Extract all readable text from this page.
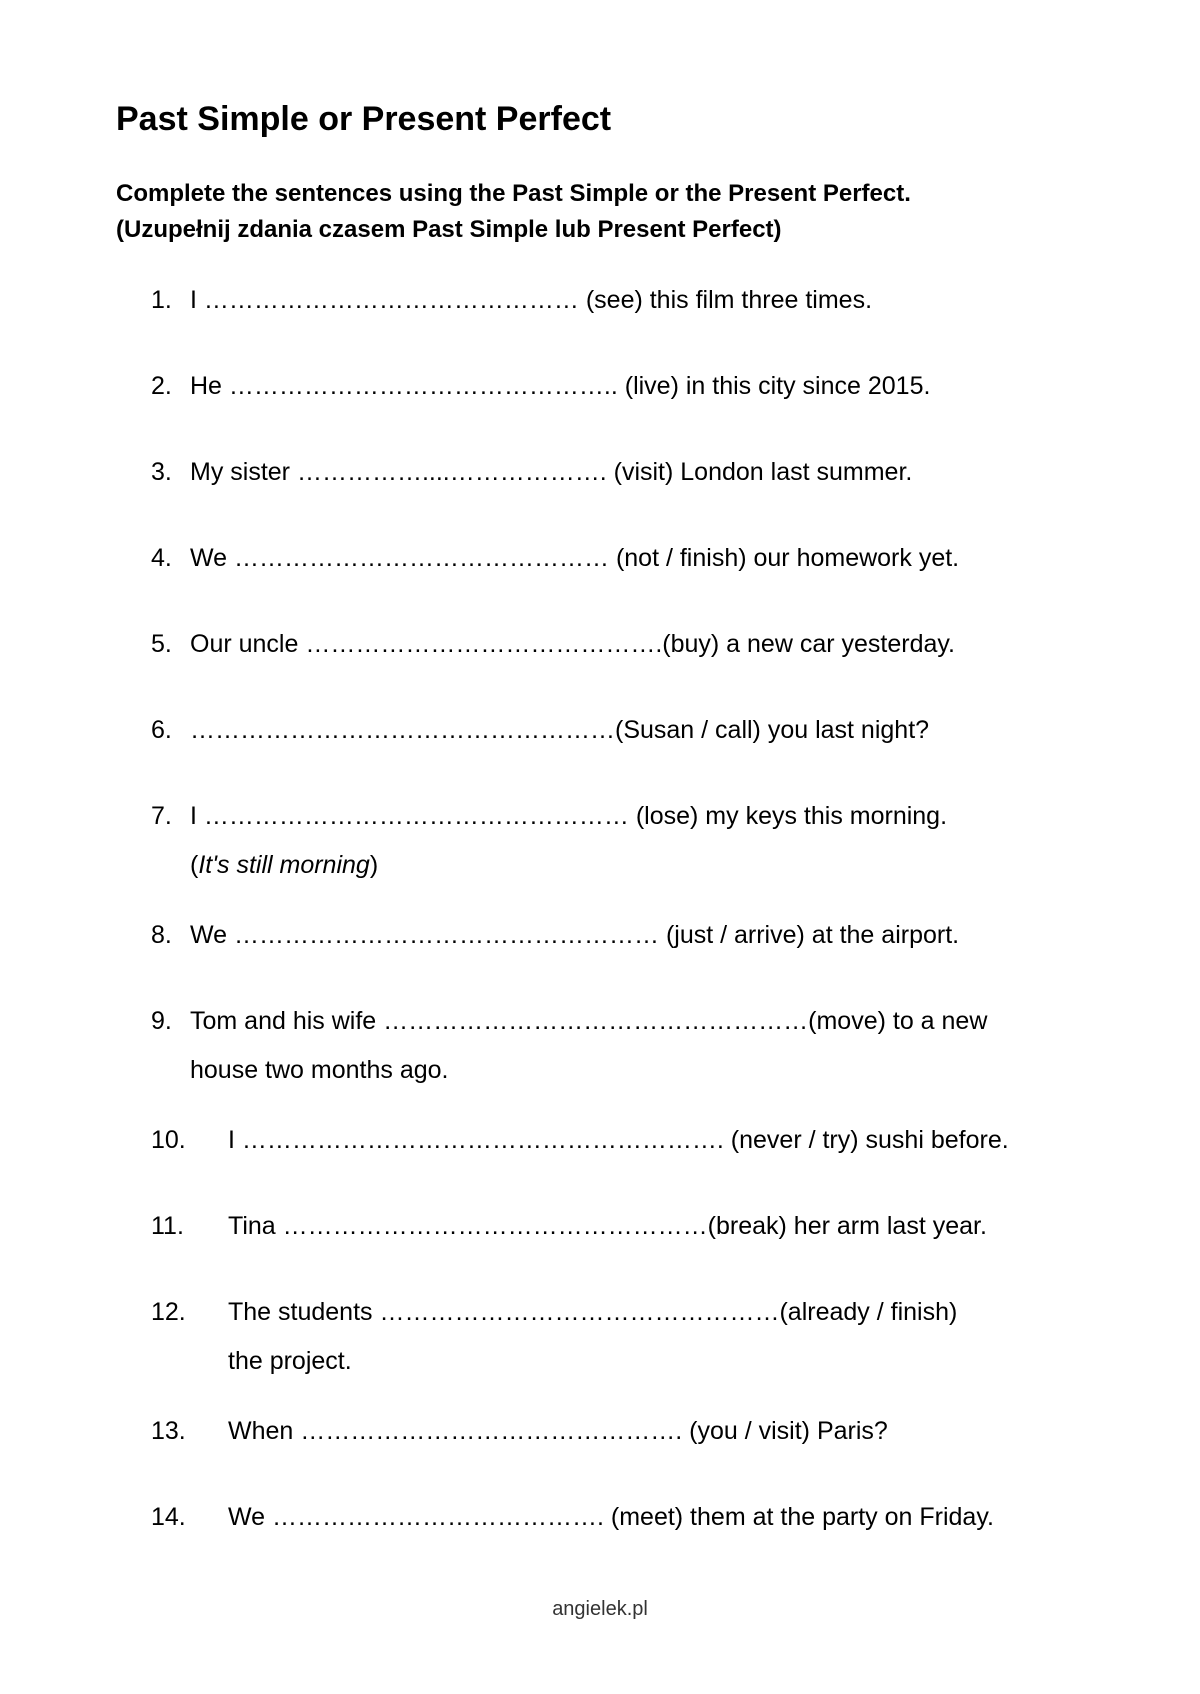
Past Simple or Present Perfect
Complete the sentences using the Past Simple or the Present Perfect.
(Uzupełnij zdania czasem Past Simple lub Present Perfect)
1. I ……………………………………… (see) this film three times.
2. He ……………………………………….. (live) in this city since 2015.
3. My sister ……………....………………. (visit) London last summer.
4. We ……………………………………… (not / finish) our homework yet.
5. Our uncle …………………………………….(buy) a new car yesterday.
6. ……………………………………………(Susan / call) you last night?
7. I …………………………………………… (lose) my keys this morning.
(It's still morning)
8. We …………………………………………… (just / arrive) at the airport.
9. Tom and his wife ……………………………………………(move) to a new
house two months ago.
10. I …………………………………………………. (never / try) sushi before.
11. Tina ……………………………………………(break) her arm last year.
12. The students …………………………………………(already / finish)
the project.
13. When ………………………………………. (you / visit) Paris?
14. We …………………………………. (meet) them at the party on Friday.
angielek.pl
